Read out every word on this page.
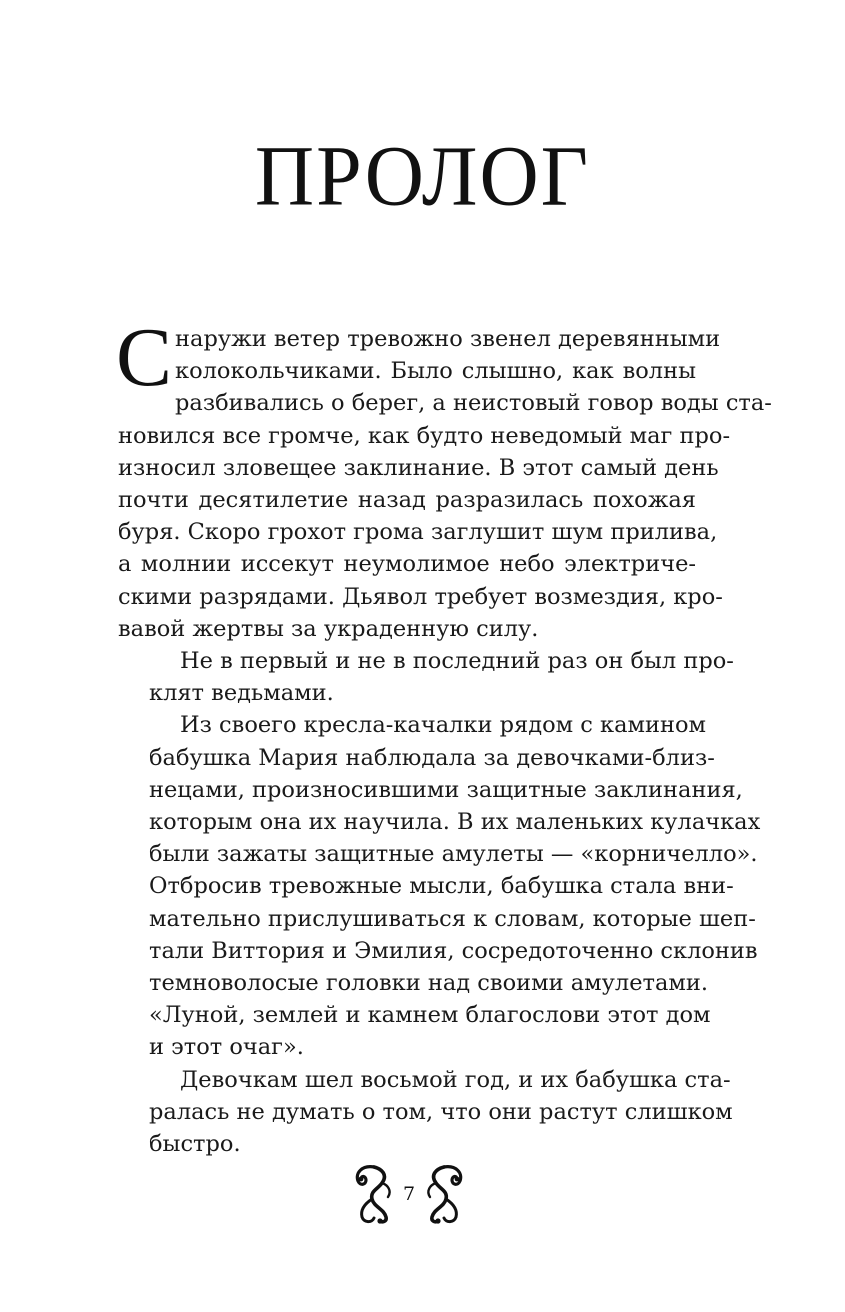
ПРОЛОГ
С наружи ветер тревожно звенел деревянными
колокольчиками. Было слышно, как волны
разбивались о берег, а неистовый говор воды ста-
новился все громче, как будто неведомый маг про-
износил зловещее заклинание. В этот самый день
почти десятилетие назад разразилась похожая
буря. Скоро грохот грома заглушит шум прилива,
а молнии иссекут неумолимое небо электриче-
скими разрядами. Дьявол требует возмездия, кро-
вавой жертвы за украденную силу.
Не в первый и не в последний раз он был про-
клят ведьмами.
Из своего кресла-качалки рядом с камином
бабушка Мария наблюдала за девочками-близ-
нецами, произносившими защитные заклинания,
которым она их научила. В их маленьких кулачках
были зажаты защитные амулеты — «корничелло».
Отбросив тревожные мысли, бабушка стала вни-
мательно прислушиваться к словам, которые шеп-
тали Виттория и Эмилия, сосредоточенно склонив
темноволосые головки над своими амулетами.
«Луной, землей и камнем благослови этот дом
и этот очаг».
Девочкам шел восьмой год, и их бабушка ста-
ралась не думать о том, что они растут слишком
быстро.
7
